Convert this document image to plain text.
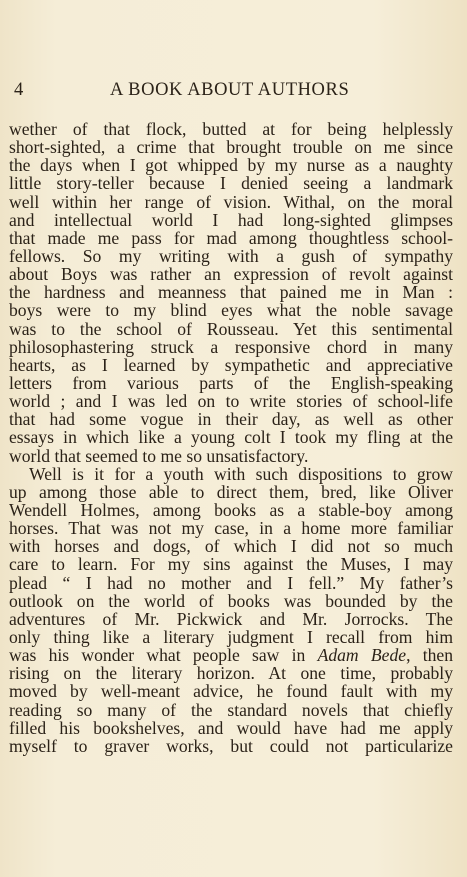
4	A BOOK ABOUT AUTHORS
wether of that flock, butted at for being helplessly
short-sighted, a crime that brought trouble on me since
the days when I got whipped by my nurse as a naughty
little story-teller because I denied seeing a landmark
well within her range of vision. Withal, on the moral
and intellectual world I had long-sighted glimpses
that made me pass for mad among thoughtless school-
fellows. So my writing with a gush of sympathy
about Boys was rather an expression of revolt against
the hardness and meanness that pained me in Man :
boys were to my blind eyes what the noble savage
was to the school of Rousseau. Yet this sentimental
philosophastering struck a responsive chord in many
hearts, as I learned by sympathetic and appreciative
letters from various parts of the English-speaking
world ; and I was led on to write stories of school-life
that had some vogue in their day, as well as other
essays in which like a young colt I took my fling at the
world that seemed to me so unsatisfactory.
Well is it for a youth with such dispositions to grow
up among those able to direct them, bred, like Oliver
Wendell Holmes, among books as a stable-boy among
horses. That was not my case, in a home more familiar
with horses and dogs, of which I did not so much
care to learn. For my sins against the Muses, I may
plead “ I had no mother and I fell.” My father’s
outlook on the world of books was bounded by the
adventures of Mr. Pickwick and Mr. Jorrocks. The
only thing like a literary judgment I recall from him
was his wonder what people saw in Adam Bede, then
rising on the literary horizon. At one time, probably
moved by well-meant advice, he found fault with my
reading so many of the standard novels that chiefly
filled his bookshelves, and would have had me apply
myself to graver works, but could not particularize
